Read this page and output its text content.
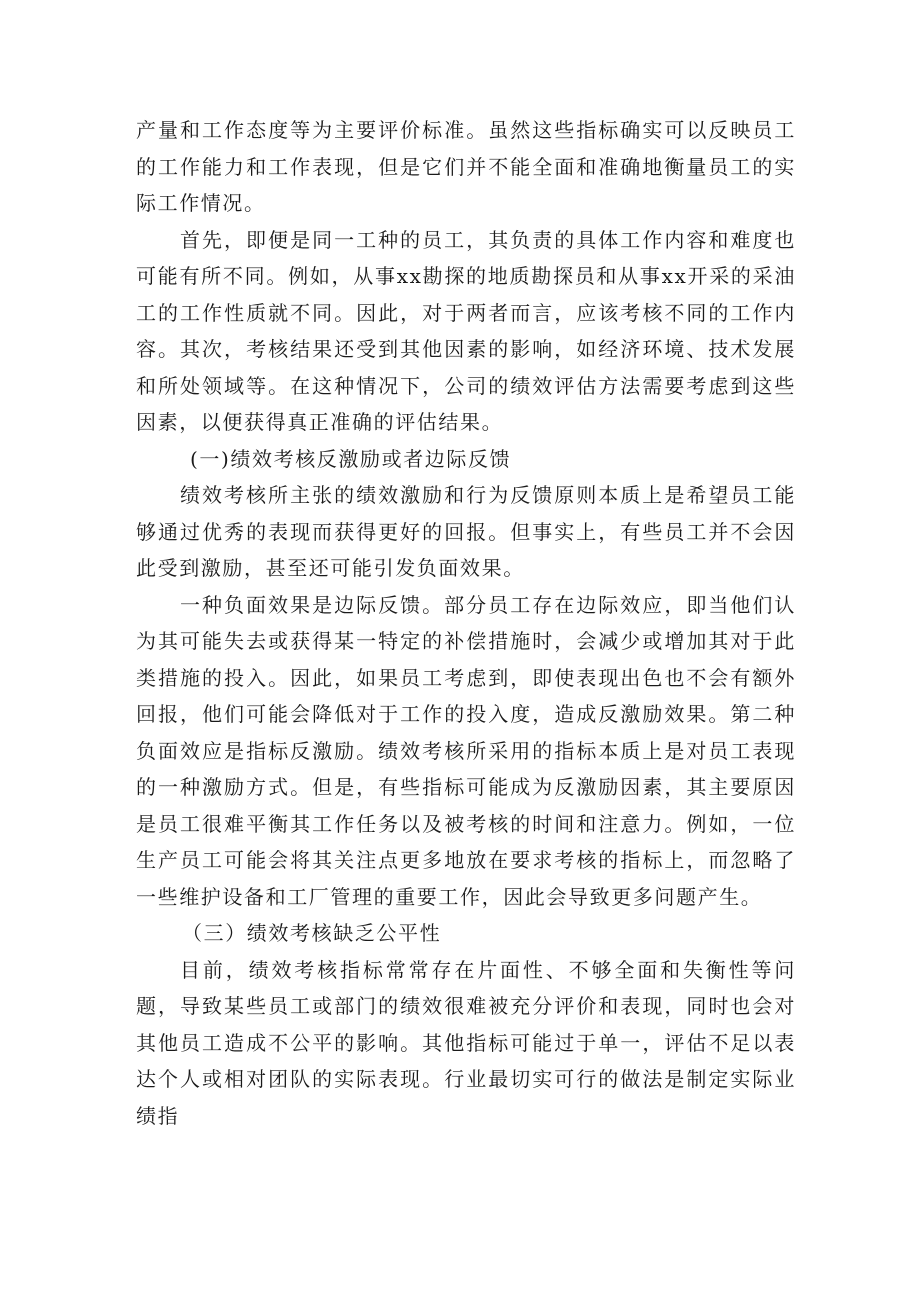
产量和工作态度等为主要评价标准。虽然这些指标确实可以反映员工的工作能力和工作表现，但是它们并不能全面和准确地衡量员工的实际工作情况。

首先，即便是同一工种的员工，其负责的具体工作内容和难度也可能有所不同。例如，从事xx勘探的地质勘探员和从事xx开采的采油工的工作性质就不同。因此，对于两者而言，应该考核不同的工作内容。其次，考核结果还受到其他因素的影响，如经济环境、技术发展和所处领域等。在这种情况下，公司的绩效评估方法需要考虑到这些因素，以便获得真正准确的评估结果。

(一)绩效考核反激励或者边际反馈

绩效考核所主张的绩效激励和行为反馈原则本质上是希望员工能够通过优秀的表现而获得更好的回报。但事实上，有些员工并不会因此受到激励，甚至还可能引发负面效果。

一种负面效果是边际反馈。部分员工存在边际效应，即当他们认为其可能失去或获得某一特定的补偿措施时，会减少或增加其对于此类措施的投入。因此，如果员工考虑到，即使表现出色也不会有额外回报，他们可能会降低对于工作的投入度，造成反激励效果。第二种负面效应是指标反激励。绩效考核所采用的指标本质上是对员工表现的一种激励方式。但是，有些指标可能成为反激励因素，其主要原因是员工很难平衡其工作任务以及被考核的时间和注意力。例如，一位生产员工可能会将其关注点更多地放在要求考核的指标上，而忽略了一些维护设备和工厂管理的重要工作，因此会导致更多问题产生。

（三）绩效考核缺乏公平性

目前，绩效考核指标常常存在片面性、不够全面和失衡性等问题，导致某些员工或部门的绩效很难被充分评价和表现，同时也会对其他员工造成不公平的影响。其他指标可能过于单一，评估不足以表达个人或相对团队的实际表现。行业最切实可行的做法是制定实际业绩指
